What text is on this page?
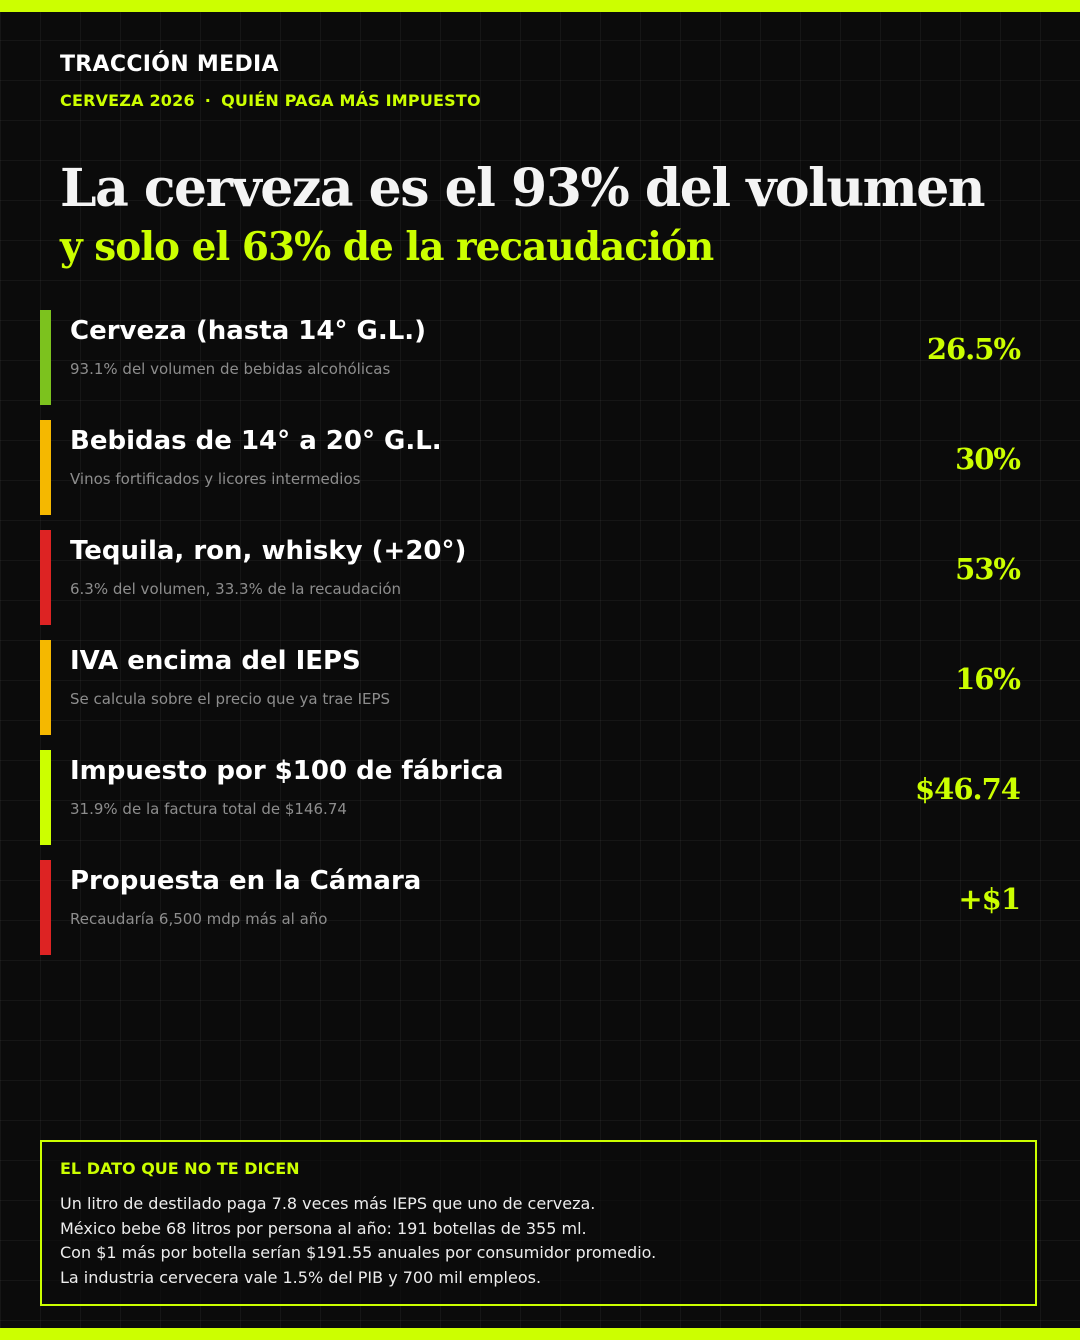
TRACCIÓN MEDIA
CERVEZA 2026 · QUIÉN PAGA MÁS IMPUESTO
La cerveza es el 93% del volumen
y solo el 63% de la recaudación
Cerveza (hasta 14° G.L.)
93.1% del volumen de bebidas alcohólicas
26.5%
Bebidas de 14° a 20° G.L.
Vinos fortificados y licores intermedios
30%
Tequila, ron, whisky (+20°)
6.3% del volumen, 33.3% de la recaudación
53%
IVA encima del IEPS
Se calcula sobre el precio que ya trae IEPS
16%
Impuesto por $100 de fábrica
31.9% de la factura total de $146.74
$46.74
Propuesta en la Cámara
Recaudaría 6,500 mdp más al año
+$1
EL DATO QUE NO TE DICEN
Un litro de destilado paga 7.8 veces más IEPS que uno de cerveza.
México bebe 68 litros por persona al año: 191 botellas de 355 ml.
Con $1 más por botella serían $191.55 anuales por consumidor promedio.
La industria cervecera vale 1.5% del PIB y 700 mil empleos.
